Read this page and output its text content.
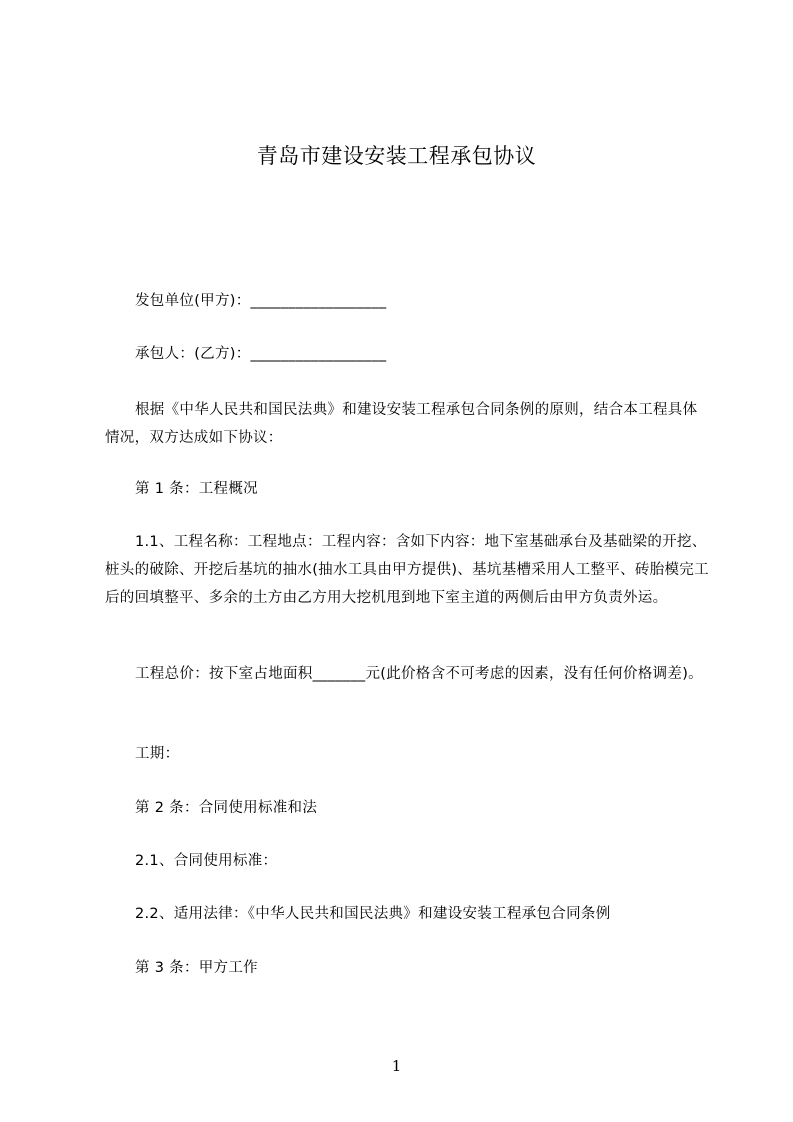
青岛市建设安装工程承包协议
发包单位(甲方)：__________________
承包人：(乙方)：__________________
根据《中华人民共和国民法典》和建设安装工程承包合同条例的原则，结合本工程具体情况，双方达成如下协议：
第 1 条：工程概况
1.1、工程名称：工程地点：工程内容：含如下内容：地下室基础承台及基础梁的开挖、桩头的破除、开挖后基坑的抽水(抽水工具由甲方提供)、基坑基槽采用人工整平、砖胎模完工后的回填整平、多余的土方由乙方用大挖机甩到地下室主道的两侧后由甲方负责外运。
工程总价：按下室占地面积_______元(此价格含不可考虑的因素，没有任何价格调差)。
工期：
第 2 条：合同使用标准和法
2.1、合同使用标准：
2.2、适用法律：《中华人民共和国民法典》和建设安装工程承包合同条例
第 3 条：甲方工作
1
